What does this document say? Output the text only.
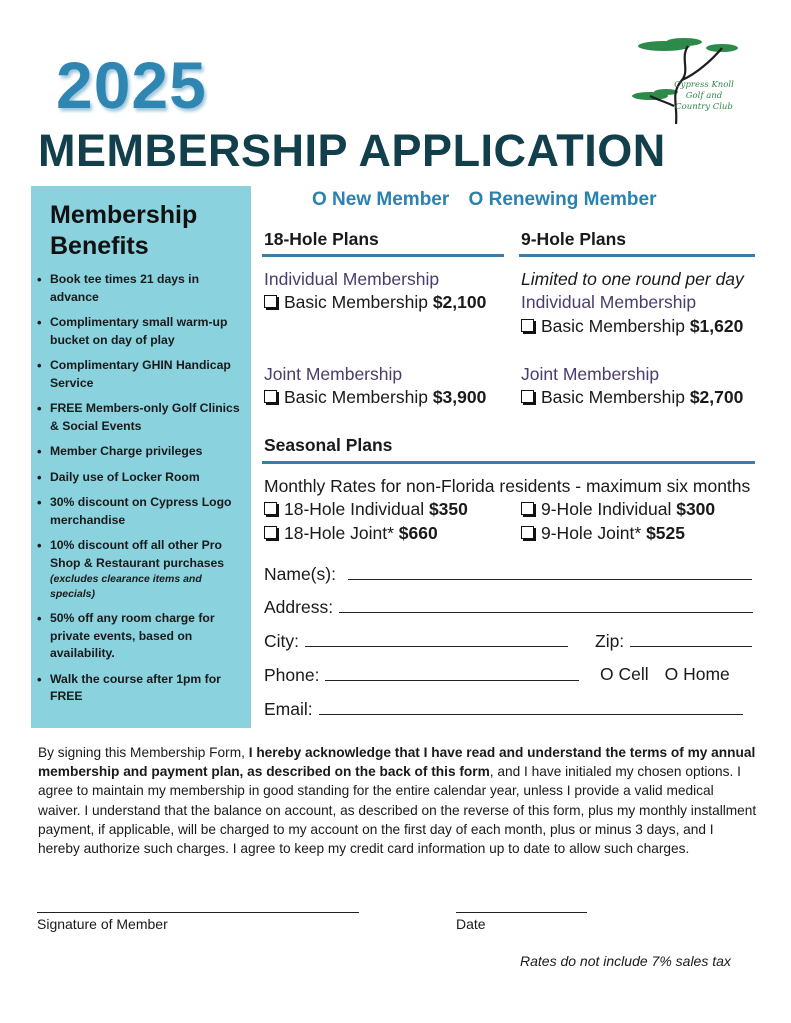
2025
MEMBERSHIP APPLICATION
Cypress Knoll
Golf and
Country Club
Membership
Benefits
• Book tee times 21 days in advance
• Complimentary small warm-up bucket on day of play
• Complimentary GHIN Handicap Service
• FREE Members-only Golf Clinics & Social Events
• Member Charge privileges
• Daily use of Locker Room
• 30% discount on Cypress Logo merchandise
• 10% discount off all other Pro Shop & Restaurant purchases
(excludes clearance items and specials)
• 50% off any room charge for private events, based on availability.
• Walk the course after 1pm for FREE
O New Member O Renewing Member
18-Hole Plans
Individual Membership
Basic Membership $2,100
Joint Membership
Basic Membership $3,900
9-Hole Plans
Limited to one round per day
Individual Membership
Basic Membership $1,620
Joint Membership
Basic Membership $2,700
Seasonal Plans
Monthly Rates for non-Florida residents - maximum six months
18-Hole Individual $350	9-Hole Individual $300
18-Hole Joint* $660	9-Hole Joint* $525
Name(s):
Address:
City:	Zip:
Phone:	O Cell O Home
Email:
By signing this Membership Form, I hereby acknowledge that I have read and understand the terms of my annual membership and payment plan, as described on the back of this form, and I have initialed my chosen options. I agree to maintain my membership in good standing for the entire calendar year, unless I provide a valid medical waiver. I understand that the balance on account, as described on the reverse of this form, plus my monthly installment payment, if applicable, will be charged to my account on the first day of each month, plus or minus 3 days, and I hereby authorize such charges. I agree to keep my credit card information up to date to allow such charges.
Signature of Member	Date
Rates do not include 7% sales tax
